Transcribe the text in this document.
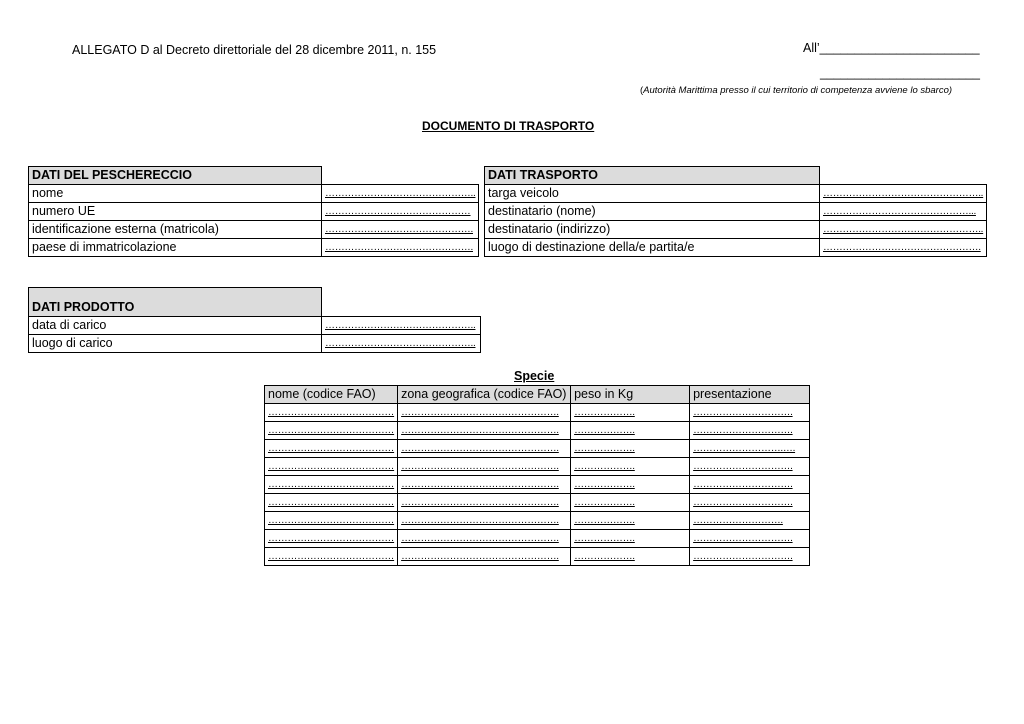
ALLEGATO D al Decreto direttoriale del 28 dicembre 2011, n. 155	All’_______________________
_______________________
(Autorità Marittima presso il cui territorio di competenza avviene lo sbarco)
DOCUMENTO DI TRASPORTO
DATI DEL PESCHERECCIO	
nome	………………………………………..
numero UE	………………………………………
identificazione esterna (matricola)	……………………………………….
paese di immatricolazione	……………………………………….
DATI TRASPORTO	
targa veicolo	…………………………………………..
destinatario (nome)	………………………………………...
destinatario (indirizzo)	…………………………………………..
luogo di destinazione della/e partita/e	………………………………………….
DATI PRODOTTO	
data di carico	………………………………………..
luogo di carico	………………………………………..
Specie
nome (codice FAO)	zona geografica (codice FAO)	peso in Kg	presentazione
…………………………………	………………………………………….	……………….	………………………….
…………………………………	………………………………………….	……………….	………………………….
…………………………………	………………………………………….	……………….	……………………….….
…………………………………	………………………………………….	……………….	………………………….
…………………………………	………………………………………….	……………….	………………………….
…………………………………	………………………………………….	……………….	………………………….
…………………………………	………………………………………….	……………….	……………………….
…………………………………	………………………………………….	……………….	………………………….
…………………………………	………………………………………….	……………….	………………………….
